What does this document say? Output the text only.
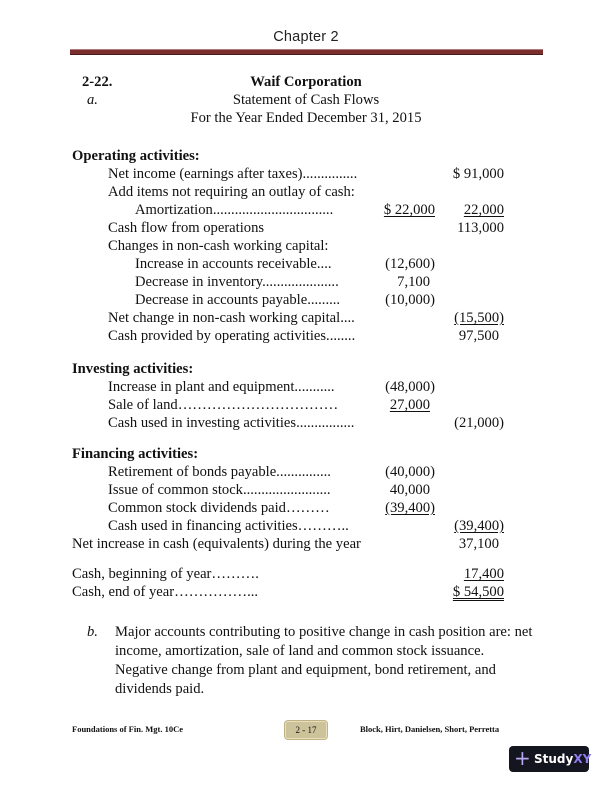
Chapter 2
2-22.
a.
Waif Corporation
Statement of Cash Flows
For the Year Ended December 31, 2015
Operating activities:
Net income (earnings after taxes)...............	$ 91,000
Add items not requiring an outlay of cash:
Amortization.................................	$ 22,000 22,000
Cash flow from operations	113,000
Changes in non-cash working capital:
Increase in accounts receivable....	(12,600)
Decrease in inventory.....................	7,100
Decrease in accounts payable.........	(10,000)
Net change in non-cash working capital....	(15,500)
Cash provided by operating activities........	97,500
Investing activities:
Increase in plant and equipment...........	(48,000)
Sale of land……………………………	27,000
Cash used in investing activities................	(21,000)
Financing activities:
Retirement of bonds payable...............	(40,000)
Issue of common stock........................	40,000
Common stock dividends paid………	(39,400)
Cash used in financing activities………..	(39,400)
Net increase in cash (equivalents) during the year	37,100
Cash, beginning of year……….	17,400
Cash, end of year……………...	$ 54,500
b. Major accounts contributing to positive change in cash position are: net income, amortization, sale of land and common stock issuance. Negative change from plant and equipment, bond retirement, and dividends paid.
Foundations of Fin. Mgt. 10Ce	2 - 17	Block, Hirt, Danielsen, Short, Perretta
+ StudyXY
